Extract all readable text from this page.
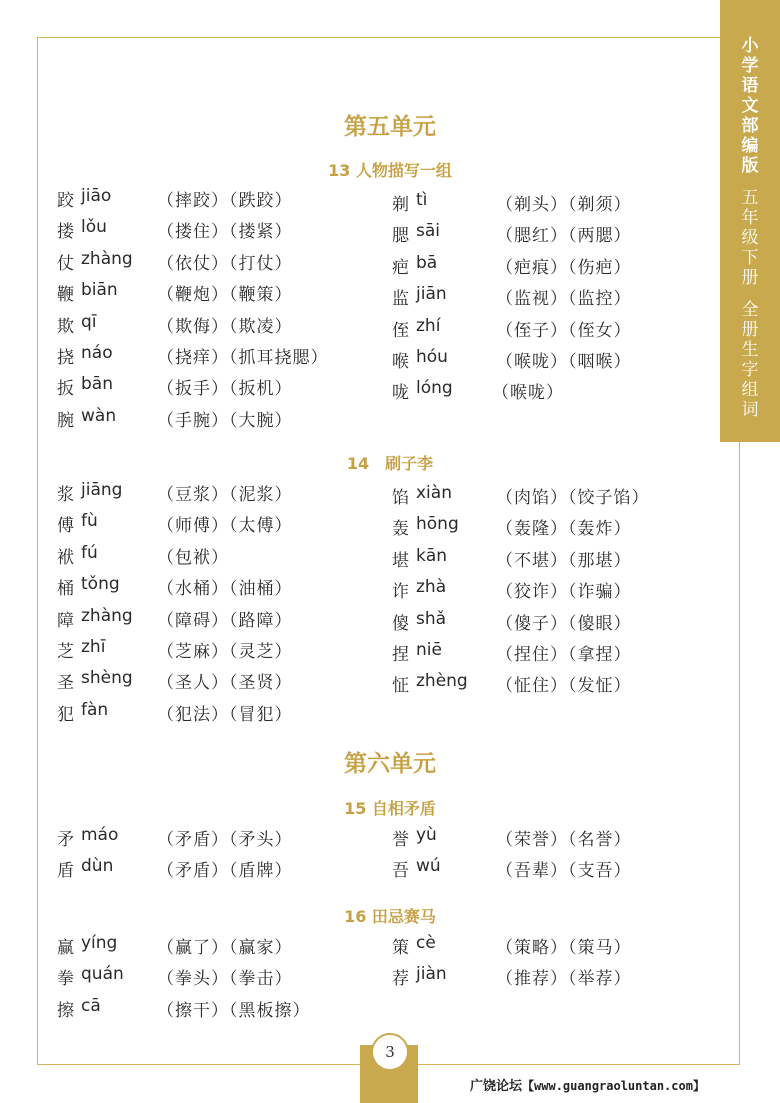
小学语文部编版
五年级下册
全册生字组词
第五单元
13 人物描写一组
14　刷子李
第六单元
15 自相矛盾
16 田忌赛马
3
广饶论坛【www.guangraoluntan.com】
跤 jiāo	（摔跤）（跌跤）
搂 lǒu	（搂住）（搂紧）
仗 zhàng （依仗）（打仗）
鞭 biān （鞭炮）（鞭策）
欺 qī	（欺侮）（欺凌）
挠 náo	（挠痒）（抓耳挠腮）
扳 bān	（扳手）（扳机）
腕 wàn （手腕）（大腕）
剃 tì	（剃头）（剃须）
腮 sāi	（腮红）（两腮）
疤 bā	（疤痕）（伤疤）
监 jiān	（监视）（监控）
侄 zhí	（侄子）（侄女）
喉 hóu	（喉咙）（咽喉）
咙 lóng （喉咙）
浆 jiāng （豆浆）（泥浆）
傅 fù	（师傅）（太傅）
袱 fú	（包袱）
桶 tǒng （水桶）（油桶）
障 zhàng （障碍）（路障）
芝 zhī	（芝麻）（灵芝）
圣 shèng （圣人）（圣贤）
犯 fàn	（犯法）（冒犯）
馅 xiàn	（肉馅）（饺子馅）
轰 hōng （轰隆）（轰炸）
堪 kān	（不堪）（那堪）
诈 zhà	（狡诈）（诈骗）
傻 shǎ	（傻子）（傻眼）
捏 niē	（捏住）（拿捏）
怔 zhèng （怔住）（发怔）
矛 máo （矛盾）（矛头）
盾 dùn	（矛盾）（盾牌）
誉 yù	（荣誉）（名誉）
吾 wú	（吾辈）（支吾）
赢 yíng （赢了）（赢家）
拳 quán （拳头）（拳击）
擦 cā	（擦干）（黑板擦）
策 cè	（策略）（策马）
荐 jiàn	（推荐）（举荐）
